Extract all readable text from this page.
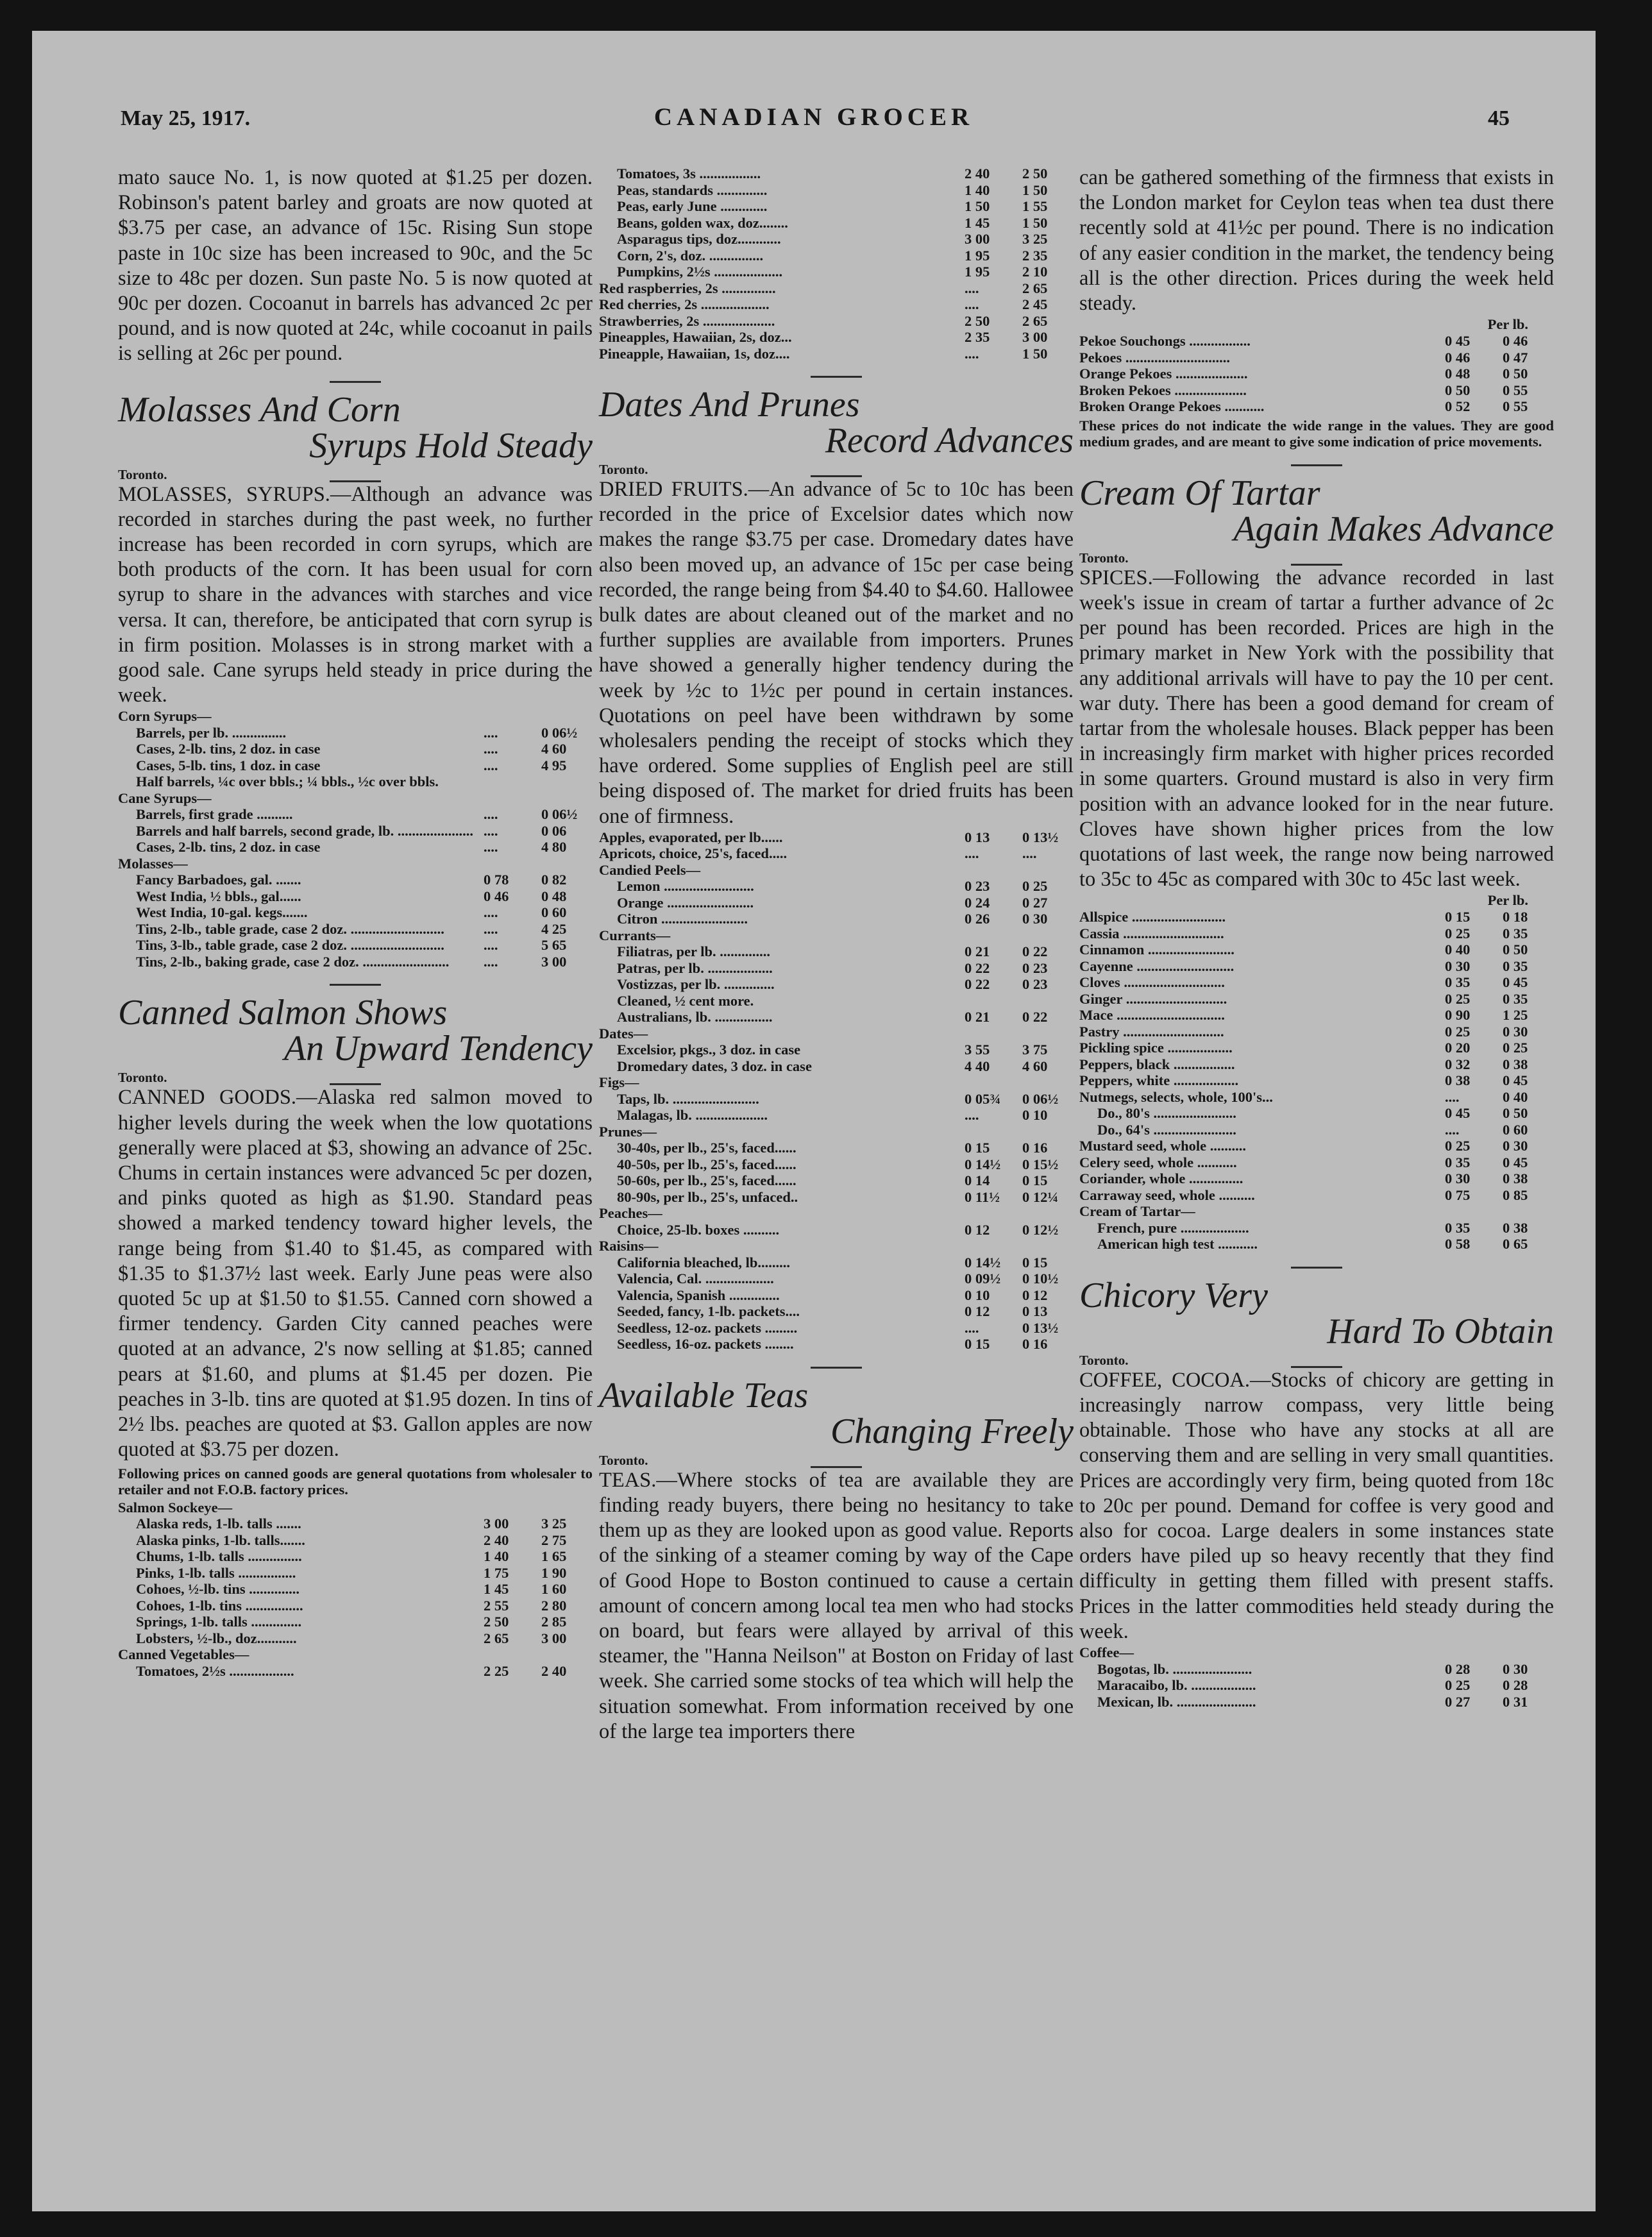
May 25, 1917.	CANADIAN GROCER	45

mato sauce No. 1, is now quoted at $1.25 per dozen. Robinson's patent barley and groats are now quoted at $3.75 per case, an advance of 15c. Rising Sun stope paste in 10c size has been increased to 90c, and the 5c size to 48c per dozen. Sun paste No. 5 is now quoted at 90c per dozen. Cocoanut in barrels has advanced 2c per pound, and is now quoted at 24c, while cocoanut in pails is selling at 26c per pound.

Molasses And Corn
Syrups Hold Steady
Toronto.

MOLASSES, SYRUPS.—Although an advance was recorded in starches during the past week, no further increase has been recorded in corn syrups, which are both products of the corn. It has been usual for corn syrup to share in the advances with starches and vice versa. It can, therefore, be anticipated that corn syrup is in firm position. Molasses is in strong market with a good sale. Cane syrups held steady in price during the week.

Corn Syrups—		
Barrels, per lb. ...............	....	0 06½
Cases, 2-lb. tins, 2 doz. in case	....	4 60
Cases, 5-lb. tins, 1 doz. in case	....	4 95
Half barrels, ¼c over bbls.; ¼ bbls., ½c over bbls.		
Cane Syrups—		
Barrels, first grade ..........	....	0 06½
Barrels and half barrels, second grade, lb. .....................	....	0 06
Cases, 2-lb. tins, 2 doz. in case	....	4 80
Molasses—		
Fancy Barbadoes, gal. .......	0 78	0 82
West India, ½ bbls., gal......	0 46	0 48
West India, 10-gal. kegs.......	....	0 60
Tins, 2-lb., table grade, case 2 doz. ..........................	....	4 25
Tins, 3-lb., table grade, case 2 doz. ..........................	....	5 65
Tins, 2-lb., baking grade, case 2 doz. ........................	....	3 00
Canned Salmon Shows
An Upward Tendency
Toronto.

CANNED GOODS.—Alaska red salmon moved to higher levels during the week when the low quotations generally were placed at $3, showing an advance of 25c. Chums in certain instances were advanced 5c per dozen, and pinks quoted as high as $1.90. Standard peas showed a marked tendency toward higher levels, the range being from $1.40 to $1.45, as compared with $1.35 to $1.37½ last week. Early June peas were also quoted 5c up at $1.50 to $1.55. Canned corn showed a firmer tendency. Garden City canned peaches were quoted at an advance, 2's now selling at $1.85; canned pears at $1.60, and plums at $1.45 per dozen. Pie peaches in 3-lb. tins are quoted at $1.95 dozen. In tins of 2½ lbs. peaches are quoted at $3. Gallon apples are now quoted at $3.75 per dozen.

Following prices on canned goods are general quotations from wholesaler to retailer and not F.O.B. factory prices.
Salmon Sockeye—		
Alaska reds, 1-lb. talls .......	3 00	3 25
Alaska pinks, 1-lb. talls.......	2 40	2 75
Chums, 1-lb. talls ...............	1 40	1 65
Pinks, 1-lb. talls ................	1 75	1 90
Cohoes, ½-lb. tins ..............	1 45	1 60
Cohoes, 1-lb. tins ................	2 55	2 80
Springs, 1-lb. talls ..............	2 50	2 85
Lobsters, ½-lb., doz...........	2 65	3 00
Canned Vegetables—		
Tomatoes, 2½s ..................	2 25	2 40
Tomatoes, 3s .................	2 40	2 50
Peas, standards ..............	1 40	1 50
Peas, early June .............	1 50	1 55
Beans, golden wax, doz........	1 45	1 50
Asparagus tips, doz............	3 00	3 25
Corn, 2's, doz. ...............	1 95	2 35
Pumpkins, 2½s ...................	1 95	2 10
Red raspberries, 2s ...............	....	2 65
Red cherries, 2s ...................	....	2 45
Strawberries, 2s ....................	2 50	2 65
Pineapples, Hawaiian, 2s, doz...	2 35	3 00
Pineapple, Hawaiian, 1s, doz....	....	1 50
Dates And Prunes
Record Advances
Toronto.

DRIED FRUITS.—An advance of 5c to 10c has been recorded in the price of Excelsior dates which now makes the range $3.75 per case. Dromedary dates have also been moved up, an advance of 15c per case being recorded, the range being from $4.40 to $4.60. Hallowee bulk dates are about cleaned out of the market and no further supplies are available from importers. Prunes have showed a generally higher tendency during the week by ½c to 1½c per pound in certain instances. Quotations on peel have been withdrawn by some wholesalers pending the receipt of stocks which they have ordered. Some supplies of English peel are still being disposed of. The market for dried fruits has been one of firmness.

Apples, evaporated, per lb......	0 13	0 13½
Apricots, choice, 25's, faced.....	....	....
Candied Peels—		
Lemon .........................	0 23	0 25
Orange ........................	0 24	0 27
Citron ........................	0 26	0 30
Currants—		
Filiatras, per lb. ..............	0 21	0 22
Patras, per lb. ..................	0 22	0 23
Vostizzas, per lb. ..............	0 22	0 23
Cleaned, ½ cent more.		
Australians, lb. ................	0 21	0 22
Dates—		
Excelsior, pkgs., 3 doz. in case	3 55	3 75
Dromedary dates, 3 doz. in case	4 40	4 60
Figs—		
Taps, lb. ........................	0 05¾	0 06½
Malagas, lb. ....................	....	0 10
Prunes—		
30-40s, per lb., 25's, faced......	0 15	0 16
40-50s, per lb., 25's, faced......	0 14½	0 15½
50-60s, per lb., 25's, faced......	0 14	0 15
80-90s, per lb., 25's, unfaced..	0 11½	0 12¼
Peaches—		
Choice, 25-lb. boxes ..........	0 12	0 12½
Raisins—		
California bleached, lb.........	0 14½	0 15
Valencia, Cal. ...................	0 09½	0 10½
Valencia, Spanish ..............	0 10	0 12
Seeded, fancy, 1-lb. packets....	0 12	0 13
Seedless, 12-oz. packets .........	....	0 13½
Seedless, 16-oz. packets ........	0 15	0 16
Available Teas
Changing Freely
Toronto.

TEAS.—Where stocks of tea are available they are finding ready buyers, there being no hesitancy to take them up as they are looked upon as good value. Reports of the sinking of a steamer coming by way of the Cape of Good Hope to Boston continued to cause a certain amount of concern among local tea men who had stocks on board, but fears were allayed by arrival of this steamer, the "Hanna Neilson" at Boston on Friday of last week. She carried some stocks of tea which will help the situation somewhat. From information received by one of the large tea importers there

can be gathered something of the firmness that exists in the London market for Ceylon teas when tea dust there recently sold at 41½c per pound. There is no indication of any easier condition in the market, the tendency being all is the other direction. Prices during the week held steady.

Per lb.
Pekoe Souchongs .................	0 45	0 46
Pekoes .............................	0 46	0 47
Orange Pekoes ....................	0 48	0 50
Broken Pekoes ....................	0 50	0 55
Broken Orange Pekoes ...........	0 52	0 55
These prices do not indicate the wide range in the values. They are good medium grades, and are meant to give some indication of price movements.
Cream Of Tartar
Again Makes Advance
Toronto.

SPICES.—Following the advance recorded in last week's issue in cream of tartar a further advance of 2c per pound has been recorded. Prices are high in the primary market in New York with the possibility that any additional arrivals will have to pay the 10 per cent. war duty. There has been a good demand for cream of tartar from the wholesale houses. Black pepper has been in increasingly firm market with higher prices recorded in some quarters. Ground mustard is also in very firm position with an advance looked for in the near future. Cloves have shown higher prices from the low quotations of last week, the range now being narrowed to 35c to 45c as compared with 30c to 45c last week.

Per lb.
Allspice ..........................	0 15	0 18
Cassia ............................	0 25	0 35
Cinnamon ........................	0 40	0 50
Cayenne ...........................	0 30	0 35
Cloves ............................	0 35	0 45
Ginger ............................	0 25	0 35
Mace ..............................	0 90	1 25
Pastry ............................	0 25	0 30
Pickling spice ..................	0 20	0 25
Peppers, black .................	0 32	0 38
Peppers, white ..................	0 38	0 45
Nutmegs, selects, whole, 100's...	....	0 40
Do., 80's .......................	0 45	0 50
Do., 64's .......................	....	0 60
Mustard seed, whole ..........	0 25	0 30
Celery seed, whole ...........	0 35	0 45
Coriander, whole ...............	0 30	0 38
Carraway seed, whole ..........	0 75	0 85
Cream of Tartar—		
French, pure ...................	0 35	0 38
American high test ...........	0 58	0 65
Chicory Very
Hard To Obtain
Toronto.

COFFEE, COCOA.—Stocks of chicory are getting in increasingly narrow compass, very little being obtainable. Those who have any stocks at all are conserving them and are selling in very small quantities. Prices are accordingly very firm, being quoted from 18c to 20c per pound. Demand for coffee is very good and also for cocoa. Large dealers in some instances state orders have piled up so heavy recently that they find difficulty in getting them filled with present staffs. Prices in the latter commodities held steady during the week.

Coffee—		
Bogotas, lb. ......................	0 28	0 30
Maracaibo, lb. ..................	0 25	0 28
Mexican, lb. ......................	0 27	0 31
